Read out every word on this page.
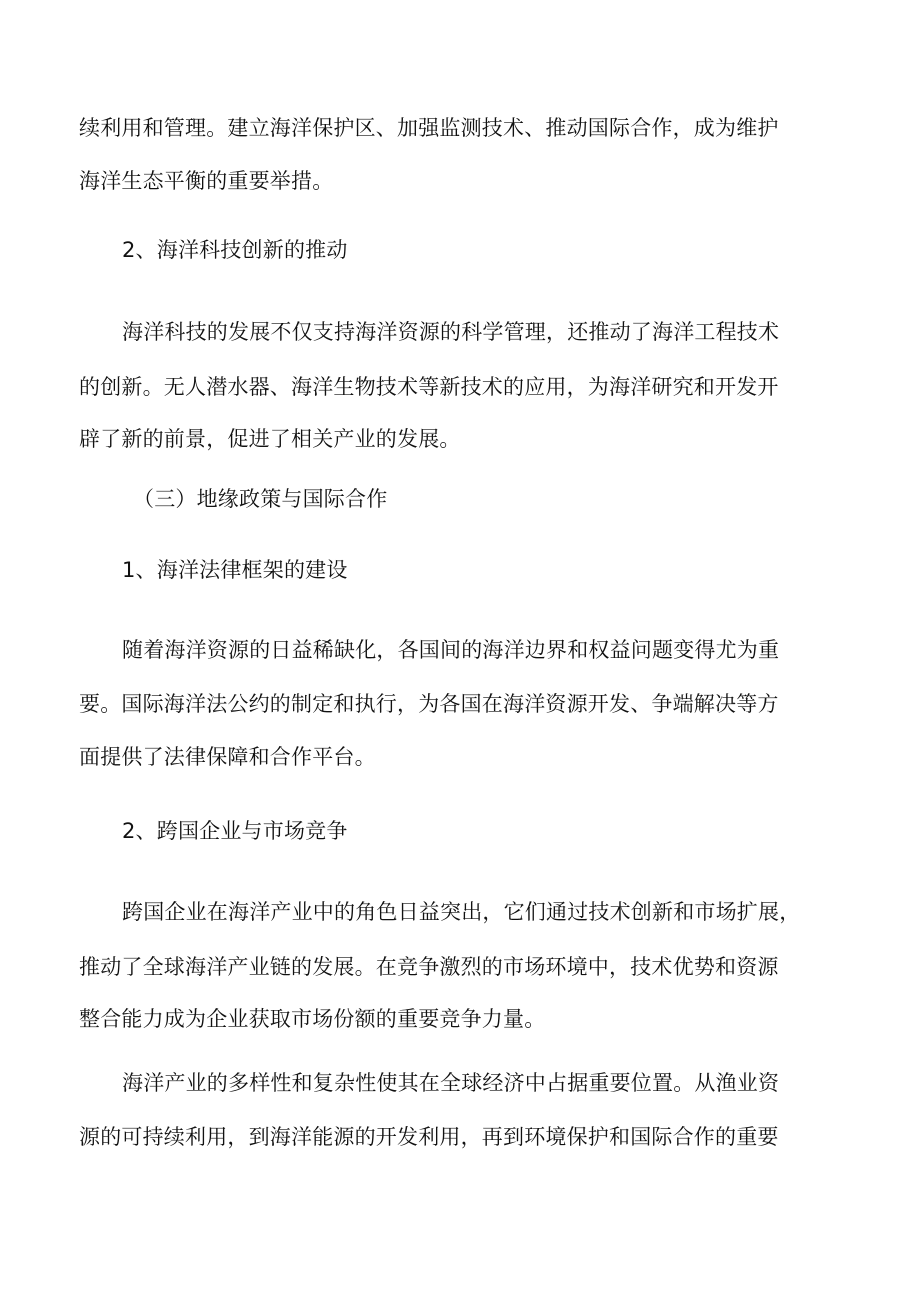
续利用和管理。建立海洋保护区、加强监测技术、推动国际合作，成为维护
海洋生态平衡的重要举措。
2、海洋科技创新的推动
海洋科技的发展不仅支持海洋资源的科学管理，还推动了海洋工程技术
的创新。无人潜水器、海洋生物技术等新技术的应用，为海洋研究和开发开
辟了新的前景，促进了相关产业的发展。
（三）地缘政策与国际合作
1、海洋法律框架的建设
随着海洋资源的日益稀缺化，各国间的海洋边界和权益问题变得尤为重
要。国际海洋法公约的制定和执行，为各国在海洋资源开发、争端解决等方
面提供了法律保障和合作平台。
2、跨国企业与市场竞争
跨国企业在海洋产业中的角色日益突出，它们通过技术创新和市场扩展，
推动了全球海洋产业链的发展。在竞争激烈的市场环境中，技术优势和资源
整合能力成为企业获取市场份额的重要竞争力量。
海洋产业的多样性和复杂性使其在全球经济中占据重要位置。从渔业资
源的可持续利用，到海洋能源的开发利用，再到环境保护和国际合作的重要
